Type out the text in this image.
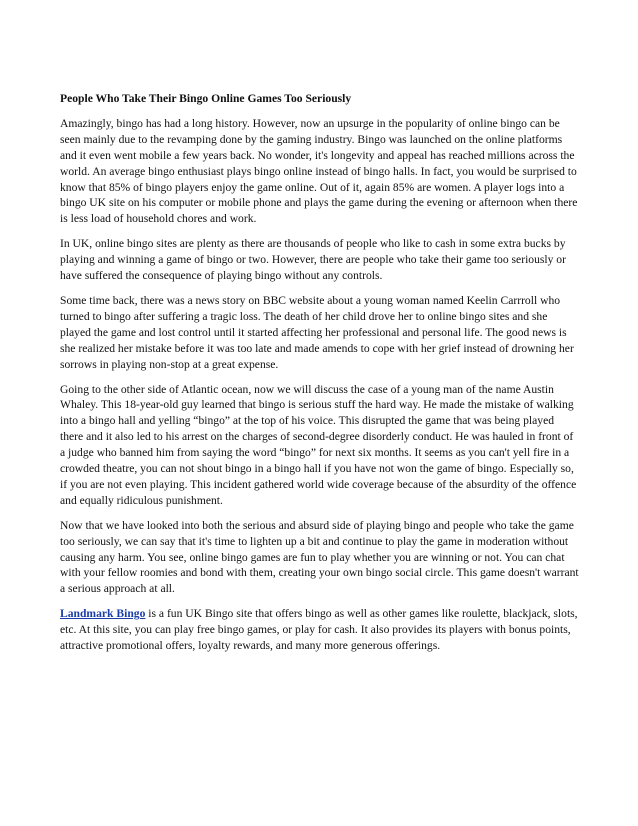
People Who Take Their Bingo Online Games Too Seriously

Amazingly, bingo has had a long history. However, now an upsurge in the popularity of online bingo can be seen mainly due to the revamping done by the gaming industry. Bingo was launched on the online platforms and it even went mobile a few years back. No wonder, it's longevity and appeal has reached millions across the world. An average bingo enthusiast plays bingo online instead of bingo halls. In fact, you would be surprised to know that 85% of bingo players enjoy the game online. Out of it, again 85% are women. A player logs into a bingo UK site on his computer or mobile phone and plays the game during the evening or afternoon when there is less load of household chores and work.

In UK, online bingo sites are plenty as there are thousands of people who like to cash in some extra bucks by playing and winning a game of bingo or two. However, there are people who take their game too seriously or have suffered the consequence of playing bingo without any controls.

Some time back, there was a news story on BBC website about a young woman named Keelin Carrroll who turned to bingo after suffering a tragic loss. The death of her child drove her to online bingo sites and she played the game and lost control until it started affecting her professional and personal life. The good news is she realized her mistake before it was too late and made amends to cope with her grief instead of drowning her sorrows in playing non-stop at a great expense.

Going to the other side of Atlantic ocean, now we will discuss the case of a young man of the name Austin Whaley. This 18-year-old guy learned that bingo is serious stuff the hard way. He made the mistake of walking into a bingo hall and yelling “bingo” at the top of his voice. This disrupted the game that was being played there and it also led to his arrest on the charges of second-degree disorderly conduct. He was hauled in front of a judge who banned him from saying the word “bingo” for next six months. It seems as you can't yell fire in a crowded theatre, you can not shout bingo in a bingo hall if you have not won the game of bingo. Especially so, if you are not even playing. This incident gathered world wide coverage because of the absurdity of the offence and equally ridiculous punishment.

Now that we have looked into both the serious and absurd side of playing bingo and people who take the game too seriously, we can say that it's time to lighten up a bit and continue to play the game in moderation without causing any harm. You see, online bingo games are fun to play whether you are winning or not. You can chat with your fellow roomies and bond with them, creating your own bingo social circle. This game doesn't warrant a serious approach at all.

Landmark Bingo is a fun UK Bingo site that offers bingo as well as other games like roulette, blackjack, slots, etc. At this site, you can play free bingo games, or play for cash. It also provides its players with bonus points, attractive promotional offers, loyalty rewards, and many more generous offerings.
